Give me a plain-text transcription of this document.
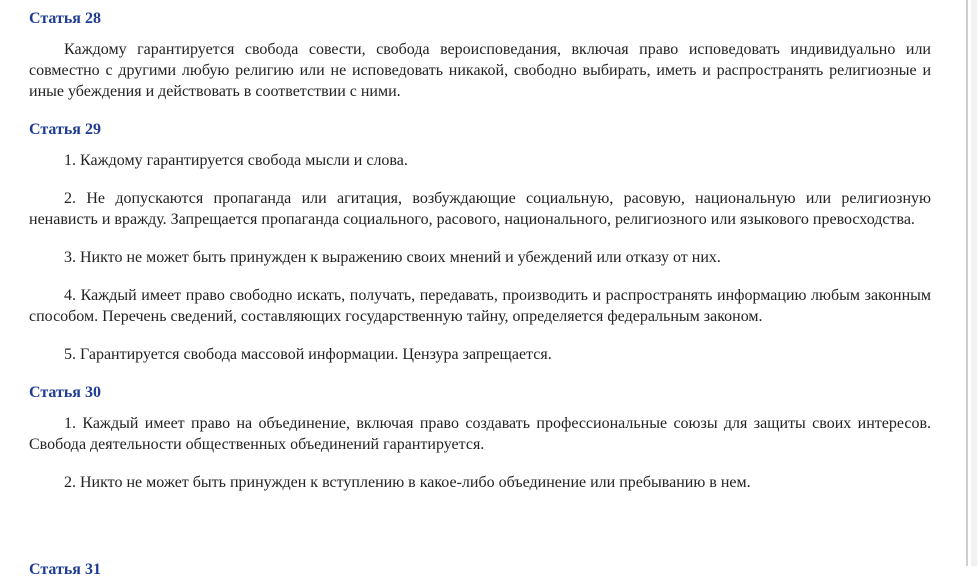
Статья 28

Каждому гарантируется свобода совести, свобода вероисповедания, включая право исповедовать индивидуально или совместно с другими любую религию или не исповедовать никакой, свободно выбирать, иметь и распространять религиозные и иные убеждения и действовать в соответствии с ними.

Статья 29

1. Каждому гарантируется свобода мысли и слова.

2. Не допускаются пропаганда или агитация, возбуждающие социальную, расовую, национальную или религиозную ненависть и вражду. Запрещается пропаганда социального, расового, национального, религиозного или языкового превосходства.

3. Никто не может быть принужден к выражению своих мнений и убеждений или отказу от них.

4. Каждый имеет право свободно искать, получать, передавать, производить и распространять информацию любым законным способом. Перечень сведений, составляющих государственную тайну, определяется федеральным законом.

5. Гарантируется свобода массовой информации. Цензура запрещается.

Статья 30

1. Каждый имеет право на объединение, включая право создавать профессиональные союзы для защиты своих интересов. Свобода деятельности общественных объединений гарантируется.

2. Никто не может быть принужден к вступлению в какое-либо объединение или пребыванию в нем.

Статья 31
